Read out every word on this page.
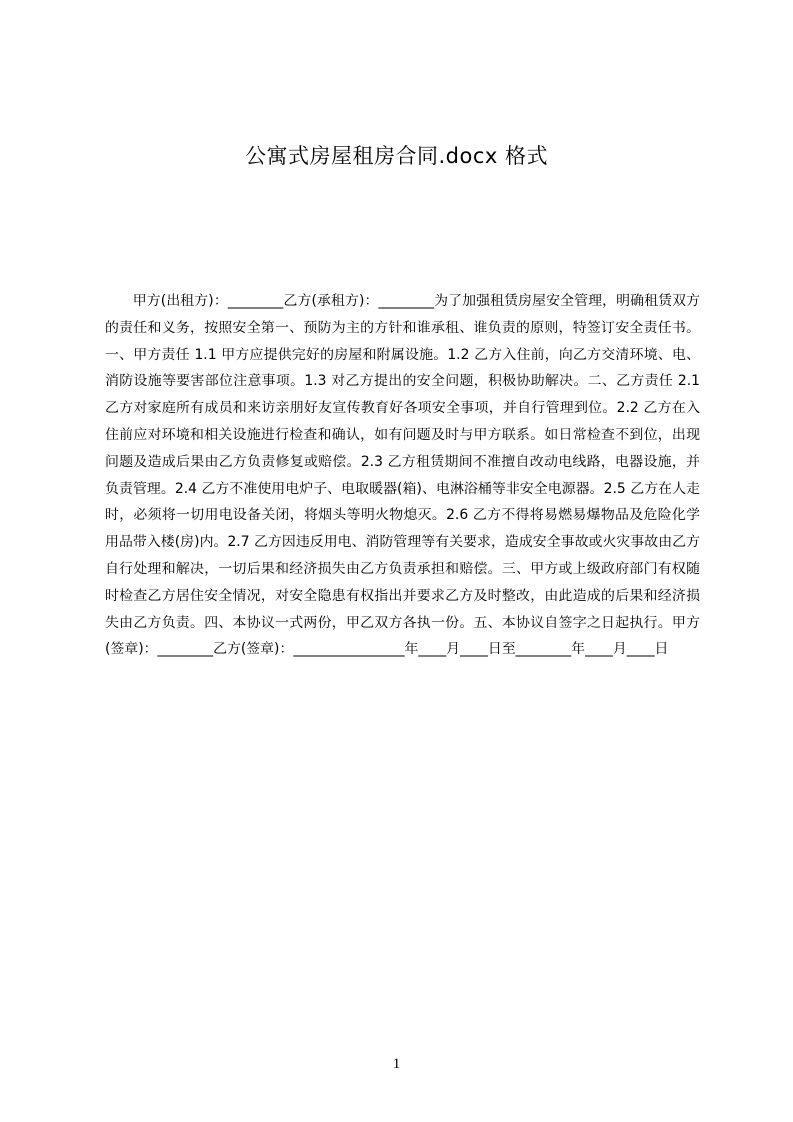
公寓式房屋租房合同.docx 格式

甲方(出租方)：________乙方(承租方)：________为了加强租赁房屋安全管理，明确租赁双方的责任和义务，按照安全第一、预防为主的方针和谁承租、谁负责的原则，特签订安全责任书。一、甲方责任 1.1 甲方应提供完好的房屋和附属设施。1.2 乙方入住前，向乙方交清环境、电、消防设施等要害部位注意事项。1.3 对乙方提出的安全问题，积极协助解决。二、乙方责任 2.1 乙方对家庭所有成员和来访亲朋好友宣传教育好各项安全事项，并自行管理到位。2.2 乙方在入住前应对环境和相关设施进行检查和确认，如有问题及时与甲方联系。如日常检查不到位，出现问题及造成后果由乙方负责修复或赔偿。2.3 乙方租赁期间不准擅自改动电线路，电器设施，并负责管理。2.4 乙方不准使用电炉子、电取暖器(箱)、电淋浴桶等非安全电源器。2.5 乙方在人走时，必须将一切用电设备关闭，将烟头等明火物熄灭。2.6 乙方不得将易燃易爆物品及危险化学用品带入楼(房)内。2.7 乙方因违反用电、消防管理等有关要求，造成安全事故或火灾事故由乙方自行处理和解决，一切后果和经济损失由乙方负责承担和赔偿。三、甲方或上级政府部门有权随时检查乙方居住安全情况，对安全隐患有权指出并要求乙方及时整改，由此造成的后果和经济损失由乙方负责。四、本协议一式两份，甲乙双方各执一份。五、本协议自签字之日起执行。甲方(签章)：________乙方(签章)：________________年____月____日至________年____月____日

1
